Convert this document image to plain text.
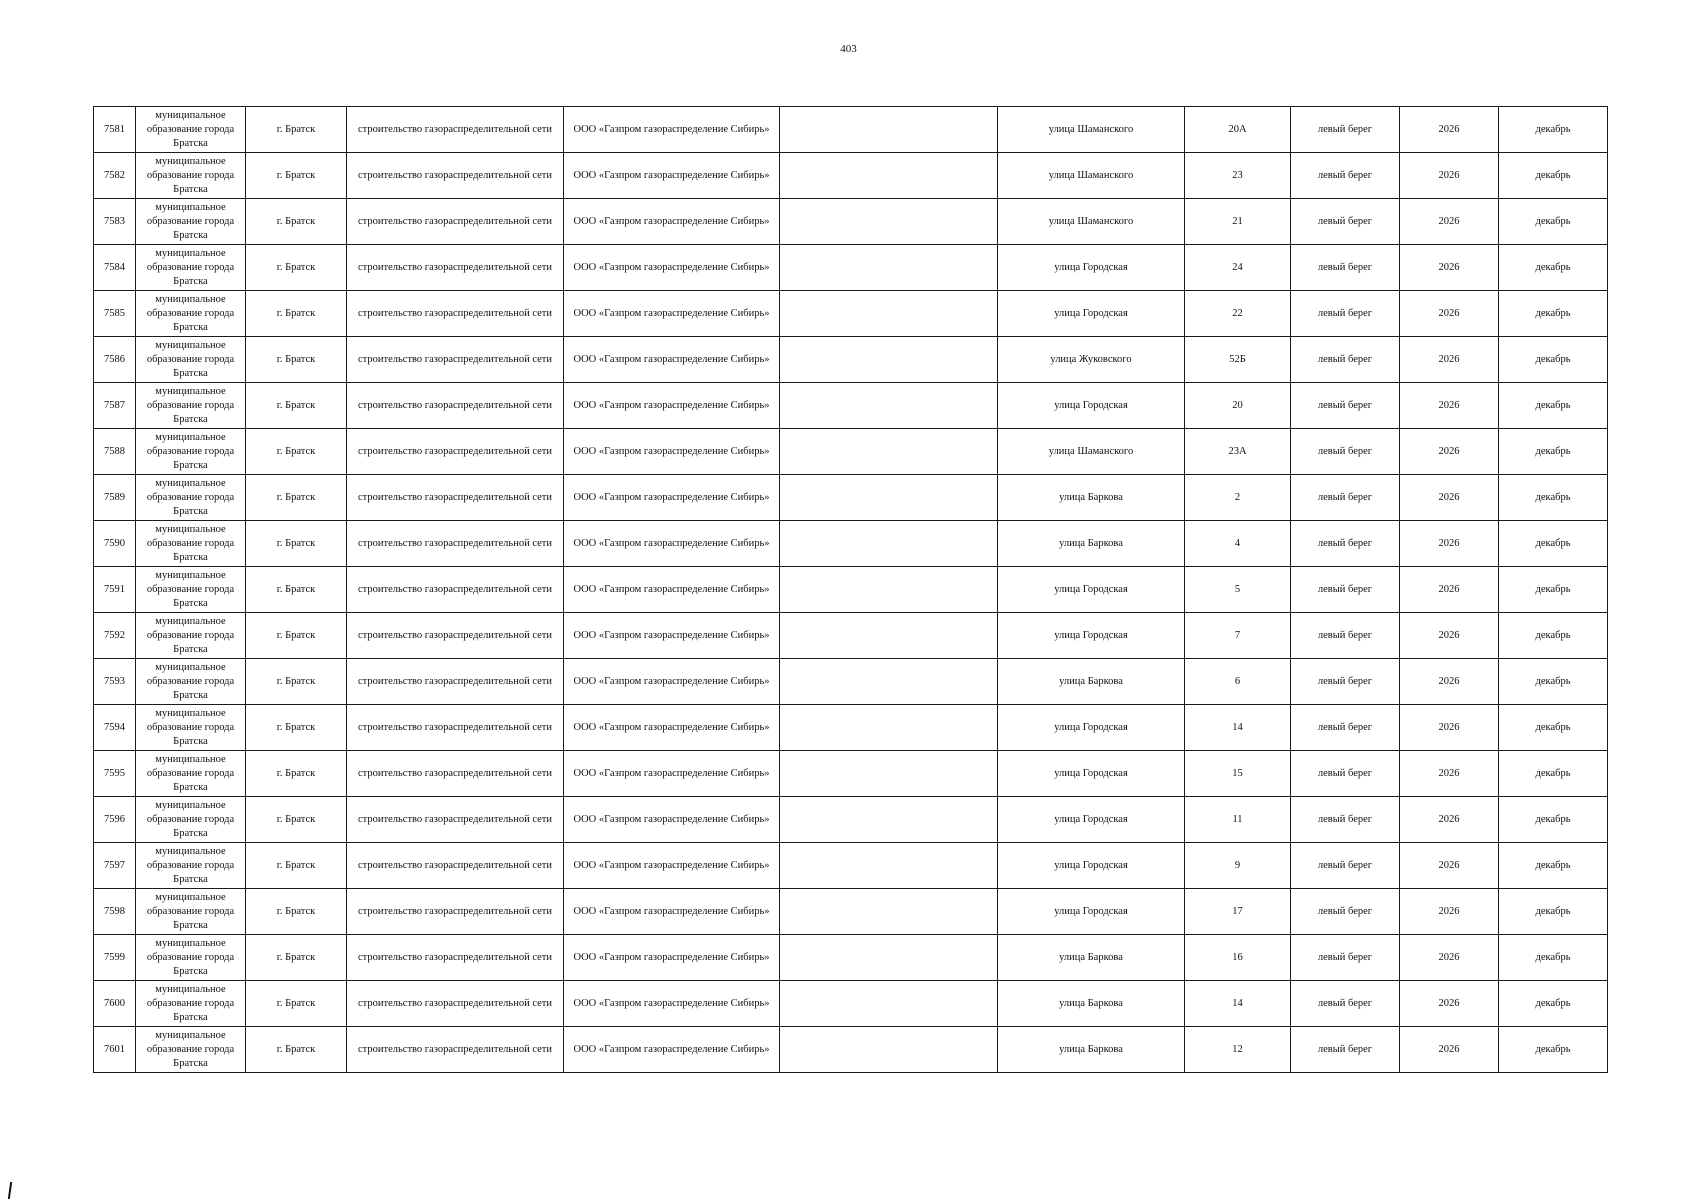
403
7581	муниципальное образование города Братска	г. Братск	строительство газораспределительной сети	ООО «Газпром газораспределение Сибирь»		улица Шаманского	20А	левый берег	2026	декабрь
7582	муниципальное образование города Братска	г. Братск	строительство газораспределительной сети	ООО «Газпром газораспределение Сибирь»		улица Шаманского	23	левый берег	2026	декабрь
7583	муниципальное образование города Братска	г. Братск	строительство газораспределительной сети	ООО «Газпром газораспределение Сибирь»		улица Шаманского	21	левый берег	2026	декабрь
7584	муниципальное образование города Братска	г. Братск	строительство газораспределительной сети	ООО «Газпром газораспределение Сибирь»		улица Городская	24	левый берег	2026	декабрь
7585	муниципальное образование города Братска	г. Братск	строительство газораспределительной сети	ООО «Газпром газораспределение Сибирь»		улица Городская	22	левый берег	2026	декабрь
7586	муниципальное образование города Братска	г. Братск	строительство газораспределительной сети	ООО «Газпром газораспределение Сибирь»		улица Жуковского	52Б	левый берег	2026	декабрь
7587	муниципальное образование города Братска	г. Братск	строительство газораспределительной сети	ООО «Газпром газораспределение Сибирь»		улица Городская	20	левый берег	2026	декабрь
7588	муниципальное образование города Братска	г. Братск	строительство газораспределительной сети	ООО «Газпром газораспределение Сибирь»		улица Шаманского	23А	левый берег	2026	декабрь
7589	муниципальное образование города Братска	г. Братск	строительство газораспределительной сети	ООО «Газпром газораспределение Сибирь»		улица Баркова	2	левый берег	2026	декабрь
7590	муниципальное образование города Братска	г. Братск	строительство газораспределительной сети	ООО «Газпром газораспределение Сибирь»		улица Баркова	4	левый берег	2026	декабрь
7591	муниципальное образование города Братска	г. Братск	строительство газораспределительной сети	ООО «Газпром газораспределение Сибирь»		улица Городская	5	левый берег	2026	декабрь
7592	муниципальное образование города Братска	г. Братск	строительство газораспределительной сети	ООО «Газпром газораспределение Сибирь»		улица Городская	7	левый берег	2026	декабрь
7593	муниципальное образование города Братска	г. Братск	строительство газораспределительной сети	ООО «Газпром газораспределение Сибирь»		улица Баркова	6	левый берег	2026	декабрь
7594	муниципальное образование города Братска	г. Братск	строительство газораспределительной сети	ООО «Газпром газораспределение Сибирь»		улица Городская	14	левый берег	2026	декабрь
7595	муниципальное образование города Братска	г. Братск	строительство газораспределительной сети	ООО «Газпром газораспределение Сибирь»		улица Городская	15	левый берег	2026	декабрь
7596	муниципальное образование города Братска	г. Братск	строительство газораспределительной сети	ООО «Газпром газораспределение Сибирь»		улица Городская	11	левый берег	2026	декабрь
7597	муниципальное образование города Братска	г. Братск	строительство газораспределительной сети	ООО «Газпром газораспределение Сибирь»		улица Городская	9	левый берег	2026	декабрь
7598	муниципальное образование города Братска	г. Братск	строительство газораспределительной сети	ООО «Газпром газораспределение Сибирь»		улица Городская	17	левый берег	2026	декабрь
7599	муниципальное образование города Братска	г. Братск	строительство газораспределительной сети	ООО «Газпром газораспределение Сибирь»		улица Баркова	16	левый берег	2026	декабрь
7600	муниципальное образование города Братска	г. Братск	строительство газораспределительной сети	ООО «Газпром газораспределение Сибирь»		улица Баркова	14	левый берег	2026	декабрь
7601	муниципальное образование города Братска	г. Братск	строительство газораспределительной сети	ООО «Газпром газораспределение Сибирь»		улица Баркова	12	левый берег	2026	декабрь
